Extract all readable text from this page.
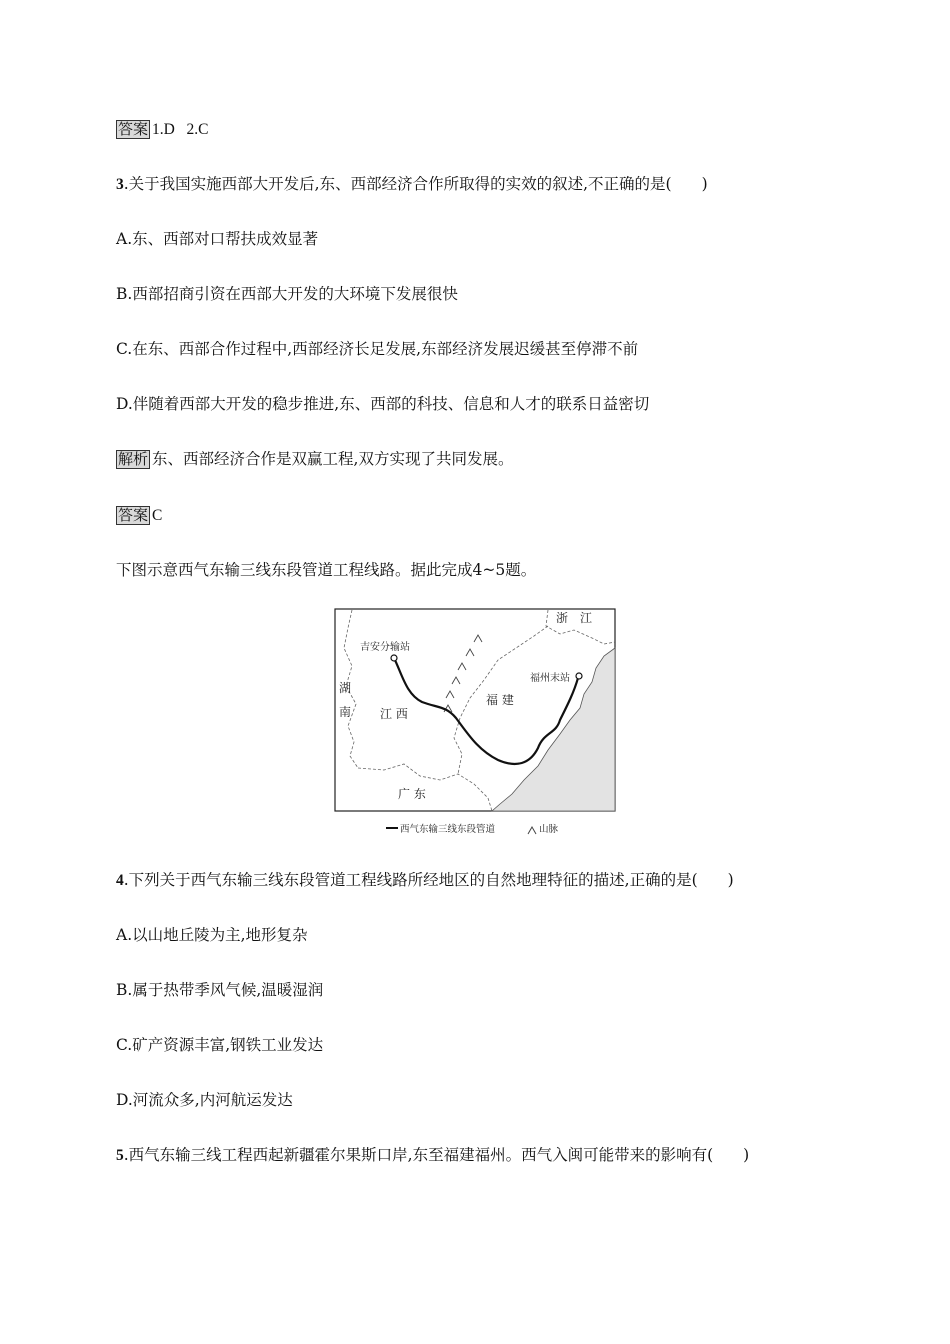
答案 1.D   2.C
3.关于我国实施西部大开发后,东、西部经济合作所取得的实效的叙述,不正确的是( )
A.东、西部对口帮扶成效显著
B.西部招商引资在西部大开发的大环境下发展很快
C.在东、西部合作过程中,西部经济长足发展,东部经济发展迟缓甚至停滞不前
D.伴随着西部大开发的稳步推进,东、西部的科技、信息和人才的联系日益密切
解析 东、西部经济合作是双赢工程,双方实现了共同发展。
答案 C
下图示意西气东输三线东段管道工程线路。据此完成4~5题。
浙　江
吉安分输站
福州末站
湖
南 江 西
福 建
广 东
西气东输三线东段管道	山脉
4.下列关于西气东输三线东段管道工程线路所经地区的自然地理特征的描述,正确的是( )
A.以山地丘陵为主,地形复杂
B.属于热带季风气候,温暖湿润
C.矿产资源丰富,钢铁工业发达
D.河流众多,内河航运发达
5.西气东输三线工程西起新疆霍尔果斯口岸,东至福建福州。西气入闽可能带来的影响有( )
